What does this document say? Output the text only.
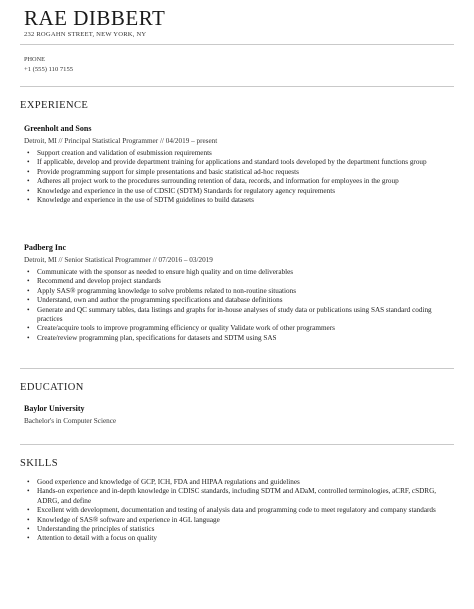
RAE DIBBERT
232 ROGAHN STREET, NEW YORK, NY
PHONE
+1 (555) 110 7155
EXPERIENCE
Greenholt and Sons
Detroit, MI // Principal Statistical Programmer // 04/2019 – present
• Support creation and validation of esubmission requirements
• If applicable, develop and provide department training for applications and standard tools developed by the department functions group
• Provide programming support for simple presentations and basic statistical ad-hoc requests
• Adheres all project work to the procedures surrounding retention of data, records, and information for employees in the group
• Knowledge and experience in the use of CDSIC (SDTM) Standards for regulatory agency requirements
• Knowledge and experience in the use of SDTM guidelines to build datasets
Padberg Inc
Detroit, MI // Senior Statistical Programmer // 07/2016 – 03/2019
• Communicate with the sponsor as needed to ensure high quality and on time deliverables
• Recommend and develop project standards
• Apply SAS® programming knowledge to solve problems related to non-routine situations
• Understand, own and author the programming specifications and database definitions
• Generate and QC summary tables, data listings and graphs for in-house analyses of study data or publications using SAS standard coding practices
• Create/acquire tools to improve programming efficiency or quality Validate work of other programmers
• Create/review programming plan, specifications for datasets and SDTM using SAS
EDUCATION
Baylor University
Bachelor's in Computer Science
SKILLS
• Good experience and knowledge of GCP, ICH, FDA and HIPAA regulations and guidelines
• Hands-on experience and in-depth knowledge in CDISC standards, including SDTM and ADaM, controlled terminologies, aCRF, cSDRG, ADRG, and define
• Excellent with development, documentation and testing of analysis data and programming code to meet regulatory and company standards
• Knowledge of SAS® software and experience in 4GL language
• Understanding the principles of statistics
• Attention to detail with a focus on quality
